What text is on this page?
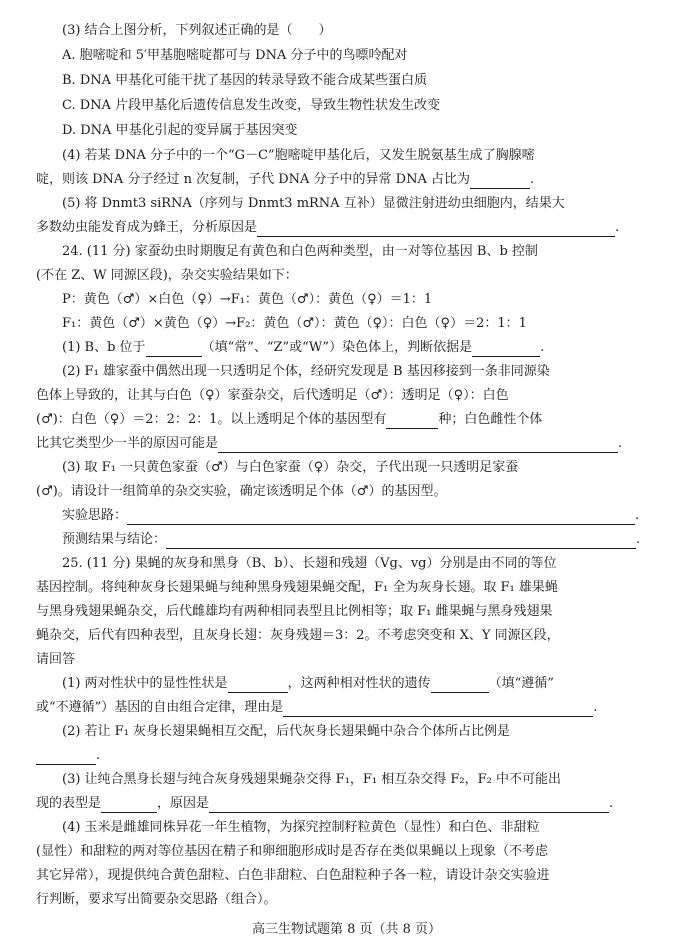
(3) 结合上图分析，下列叙述正确的是（　　）
A. 胞嘧啶和 5′甲基胞嘧啶都可与 DNA 分子中的鸟嘌呤配对
B. DNA 甲基化可能干扰了基因的转录导致不能合成某些蛋白质
C. DNA 片段甲基化后遗传信息发生改变，导致生物性状发生改变
D. DNA 甲基化引起的变异属于基因突变
(4) 若某 DNA 分子中的一个“G－C”胞嘧啶甲基化后，又发生脱氨基生成了胸腺嘧
啶，则该 DNA 分子经过 n 次复制，子代 DNA 分子中的异常 DNA 占比为	.
(5) 将 Dnmt3 siRNA（序列与 Dnmt3 mRNA 互补）显微注射进幼虫细胞内，结果大
多数幼虫能发育成为蜂王，分析原因是	.
24. (11 分) 家蚕幼虫时期腹足有黄色和白色两种类型，由一对等位基因 B、b 控制
(不在 Z、W 同源区段)，杂交实验结果如下：
P：黄色（♂）×白色（♀）→F₁：黄色（♂）：黄色（♀）＝1：1
F₁：黄色（♂）×黄色（♀）→F₂：黄色（♂）：黄色（♀）：白色（♀）＝2：1：1
(1) B、b 位于	（填“常”、“Z”或“W”）染色体上，判断依据是	.
(2) F₁ 雄家蚕中偶然出现一只透明足个体，经研究发现是 B 基因移接到一条非同源染
色体上导致的，让其与白色（♀）家蚕杂交，后代透明足（♂）：透明足（♀）：白色
(♂)：白色（♀）＝2：2：2：1。以上透明足个体的基因型有	种；白色雌性个体
比其它类型少一半的原因可能是	.
(3) 取 F₁ 一只黄色家蚕（♂）与白色家蚕（♀）杂交，子代出现一只透明足家蚕
(♂)。请设计一组简单的杂交实验，确定该透明足个体（♂）的基因型。
实验思路：	.
预测结果与结论：	.
25. (11 分) 果蝇的灰身和黑身（B、b）、长翅和残翅（Vg、vg）分别是由不同的等位
基因控制。将纯种灰身长翅果蝇与纯种黑身残翅果蝇交配，F₁ 全为灰身长翅。取 F₁ 雄果蝇
与黑身残翅果蝇杂交，后代雌雄均有两种相同表型且比例相等；取 F₁ 雌果蝇与黑身残翅果
蝇杂交，后代有四种表型，且灰身长翅：灰身残翅＝3：2。不考虑突变和 X、Y 同源区段，
请回答
(1) 两对性状中的显性性状是	，这两种相对性状的遗传	（填“遵循”
或“不遵循”）基因的自由组合定律，理由是	.
(2) 若让 F₁ 灰身长翅果蝇相互交配，后代灰身长翅果蝇中杂合个体所占比例是
.
(3) 让纯合黑身长翅与纯合灰身残翅果蝇杂交得 F₁，F₁ 相互杂交得 F₂，F₂ 中不可能出
现的表型是	，原因是	.
(4) 玉米是雌雄同株异花一年生植物，为探究控制籽粒黄色（显性）和白色、非甜粒
(显性）和甜粒的两对等位基因在精子和卵细胞形成时是否存在类似果蝇以上现象（不考虑
其它异常），现提供纯合黄色甜粒、白色非甜粒、白色甜粒种子各一粒，请设计杂交实验进
行判断，要求写出简要杂交思路（组合）。
高三生物试题第 8 页（共 8 页）
